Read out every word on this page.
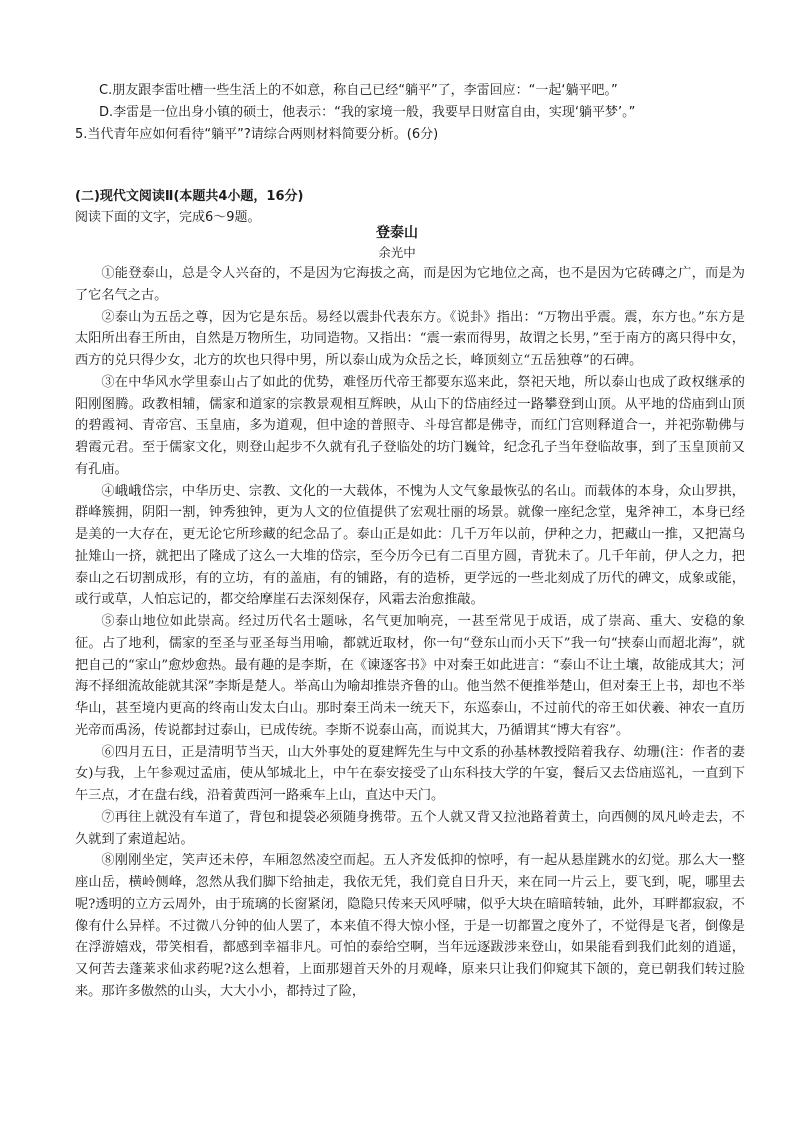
C.朋友跟李雷吐槽一些生活上的不如意，称自己已经“躺平”了，李雷回应：“一起‘躺平吧。”
D.李雷是一位出身小镇的硕士，他表示：“我的家境一般，我要早日财富自由，实现‘躺平梦’。”
5.当代青年应如何看待“躺平”?请综合两则材料简要分析。(6分)
(二)现代文阅读Ⅱ(本题共4小题，16分)
阅读下面的文字，完成6～9题。
登泰山
余光中

①能登泰山，总是令人兴奋的，不是因为它海拔之高，而是因为它地位之高，也不是因为它砖磚之广，而是为了它名气之古。

②泰山为五岳之尊，因为它是东岳。易经以震卦代表东方。《说卦》指出：“万物出乎震。震，东方也。”东方是太阳所出春王所由，自然是万物所生，功同造物。又指出：“震一索而得男，故谓之长男，”至于南方的离只得中女，西方的兑只得少女，北方的坎也只得中男，所以泰山成为众岳之长，峰顶刻立“五岳独尊”的石碑。

③在中华风水学里泰山占了如此的优势，难怪历代帝王都要东巡来此，祭祀天地，所以泰山也成了政权继承的阳刚图腾。政教相辅，儒家和道家的宗教景观相互辉映，从山下的岱庙经过一路攀登到山顶。从平地的岱庙到山顶的碧霞祠、青帝宫、玉皇庙，多为道观，但中途的普照寺、斗母宫都是佛寺，而红门宫则释道合一，并祀弥勒佛与碧霞元君。至于儒家文化，则登山起步不久就有孔子登临处的坊门巍耸，纪念孔子当年登临故事，到了玉皇顶前又有孔庙。

④峨峨岱宗，中华历史、宗教、文化的一大载体，不愧为人文气象最恢弘的名山。而载体的本身，众山罗拱，群峰簇拥，阴阳一割，钟秀独钟，更为人文的位值提供了宏观壮丽的场景。就像一座纪念堂，鬼斧神工，本身已经是美的一大存在，更无论它所珍藏的纪念品了。泰山正是如此：几千万年以前，伊种之力，把藏山一推，又把嵩乌扯雉山一挤，就把出了隆成了这么一大堆的岱宗，至今历今已有二百里方圆，青犹未了。几千年前，伊人之力，把泰山之石切割成形，有的立坊，有的盖庙，有的铺路，有的造桥，更学远的一些北刻成了历代的碑文，成象或能，或行或草，人怕忘记的，都交给摩崖石去深刻保存，风霜去治愈推敲。

⑤泰山地位如此崇高。经过历代名士题咏，名气更加响亮，一甚至常见于成语，成了崇高、重大、安稳的象征。占了地利，儒家的至圣与亚圣每当用喻，都就近取材，你一句“登东山而小天下”我一句“挟泰山而超北海”，就把自己的“家山”愈炒愈热。最有趣的是李斯，在《谏逐客书》中对秦王如此进言：“泰山不让土壤，故能成其大；河海不择细流故能就其深”李斯是楚人。举高山为喻却推崇齐鲁的山。他当然不便推举楚山，但对秦王上书，却也不举华山，甚至境内更高的终南山发太白山。那时秦王尚未一统天下，东巡泰山，不过前代的帝王如伏羲、神农一直历光帝而禹汤，传说都封过泰山，已成传统。李斯不说泰山高，而说其大，乃循谓其“博大有容”。

⑥四月五日，正是清明节当天，山大外事处的夏建辉先生与中文系的孙基林教授陪着我存、幼珊(注：作者的妻女)与我，上午参观过孟庙，使从邹城北上，中午在泰安接受了山东科技大学的午宴，餐后又去岱庙巡礼，一直到下午三点，才在盘右线，沿着黄西河一路乘车上山，直达中天门。

⑦再往上就没有车道了，背包和提袋必须随身携带。五个人就又背又拉池路着黄土，向西侧的凤凡岭走去，不久就到了索道起站。

⑧刚刚坐定，笑声还未停，车厢忽然凌空而起。五人齐发低抑的惊呼，有一起从悬崖跳水的幻觉。那么大一整座山岳，横岭侧峰，忽然从我们脚下给抽走，我依无凭，我们竟自日升天，来在同一片云上，要飞到，呢，哪里去呢?透明的立方云周外，由于琉璃的长窗紧闭，隐隐只传来天风呼啸，似乎大块在暗暗转轴，此外，耳畔都寂寂，不像有什么异样。不过微八分钟的仙人罢了，本来值不得大惊小怪，于是一切都置之度外了，不觉得是飞者，倒像是在浮游嬉戏，带笑相看，都感到幸福非凡。可怕的泰给空啊，当年远逐跋涉来登山，如果能看到我们此刻的逍遥，又何苦去蓬莱求仙求药呢?这么想着，上面那翅首天外的月观峰，原来只让我们仰窥其下颌的，竟已朝我们转过脸来。那许多傲然的山头，大大小小，都持过了险，
